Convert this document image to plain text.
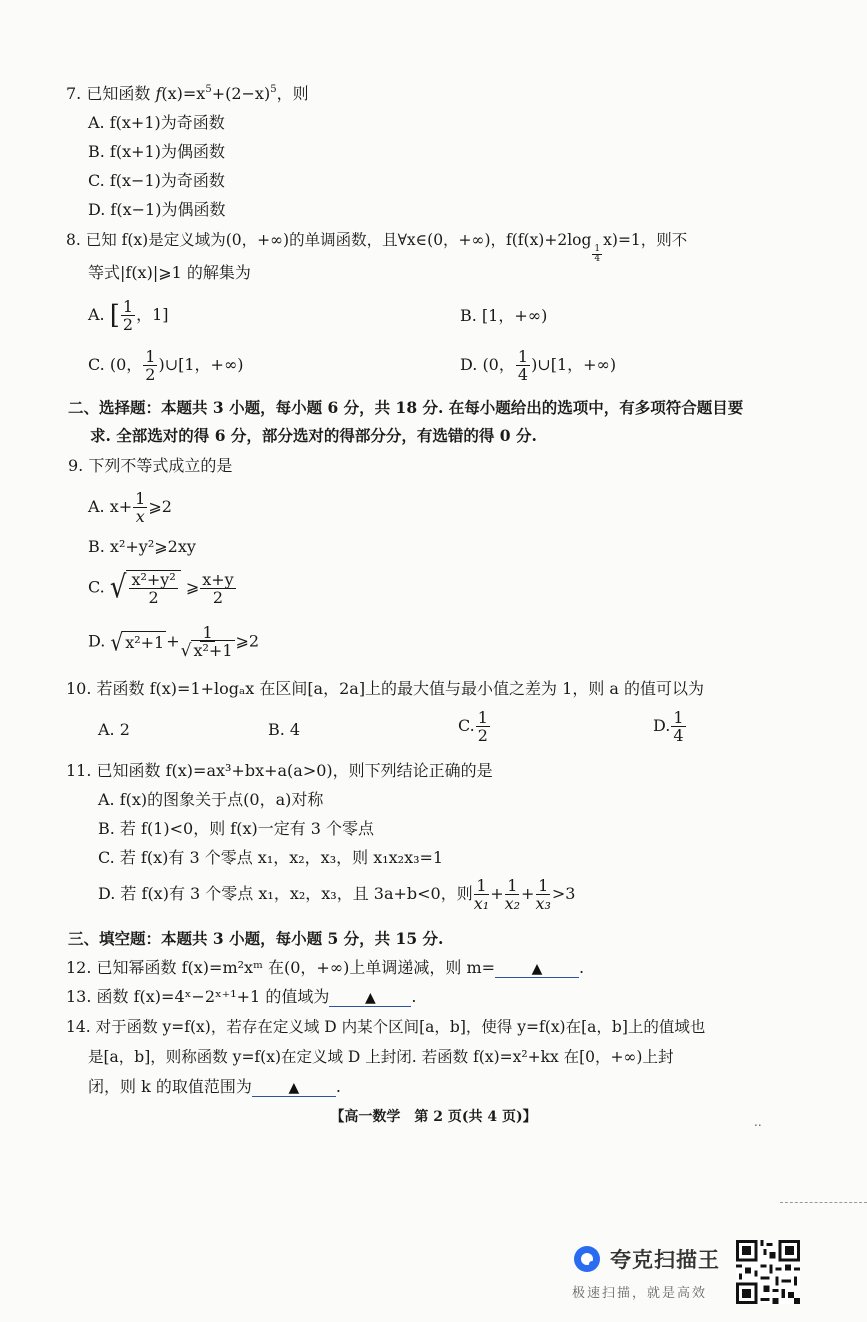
7. 已知函数 $f(x)=x^5+(2-x)^5$，则
A. f(x+1)为奇函数
B. f(x+1)为偶函数
C. f(x−1)为奇函数
D. f(x−1)为偶函数
8. 已知 f(x)是定义域为(0，+∞)的单调函数，且∀x∈(0，+∞)，f(f(x)+2log
$\frac{1}{4}$
x)=1，则不
等式|f(x)|⩾1 的解集为
A. [ $\frac{1}{2}$ ，1]	B. [1，+∞)
C. (0， $\frac{1}{2}$ )∪[1，+∞)	D. (0， $\frac{1}{4}$ )∪[1，+∞)
二、选择题：本题共 3 小题，每小题 6 分，共 18 分. 在每小题给出的选项中，有多项符合题目要
求. 全部选对的得 6 分，部分选对的得部分分，有选错的得 0 分.
9. 下列不等式成立的是
A. $x+ \frac{1}{x}$ ⩾2
B. x²+y²⩾2xy
C. √ $\frac{\text{x²+y²}}{2}$ ⩾ $\frac{x+y}{2}$
D. √ $x^2+1 + \frac{1}{\text{√ x²+1}}$ ⩾2
10. 若函数 f(x)=1+logₐx 在区间[a，2a]上的最大值与最小值之差为 1，则 a 的值可以为
A. 2	B. 4	C. $\frac{1}{2}$	D. $\frac{1}{4}$
11. 已知函数 f(x)=ax³+bx+a(a>0)，则下列结论正确的是
A. f(x)的图象关于点(0，a)对称
B. 若 f(1)<0，则 f(x)一定有 3 个零点
C. 若 f(x)有 3 个零点 x₁，x₂，x₃，则 x₁x₂x₃=1
D. 若 f(x)有 3 个零点 x₁，x₂，x₃，且 3a+b<0，则 $\frac{1}{\text{x₁}} + \frac{1}{\text{x₂}} + \frac{1}{\text{x₃}} >3$
三、填空题：本题共 3 小题，每小题 5 分，共 15 分.
12. 已知幂函数 f(x)=m²xᵐ 在(0，+∞)上单调递减，则 m=	▲ .
13. 函数 f(x)=4ˣ−2ˣ⁺¹+1 的值域为	▲ .
14. 对于函数 y=f(x)，若存在定义域 D 内某个区间[a，b]，使得 y=f(x)在[a，b]上的值域也
是[a，b]，则称函数 y=f(x)在定义域 D 上封闭. 若函数 f(x)=x²+kx 在[0，+∞)上封
闭，则 k 的取值范围为	▲ .
【高一数学　第 2 页(共 4 页)】	..
夸克扫描王
极速扫描，就是高效
